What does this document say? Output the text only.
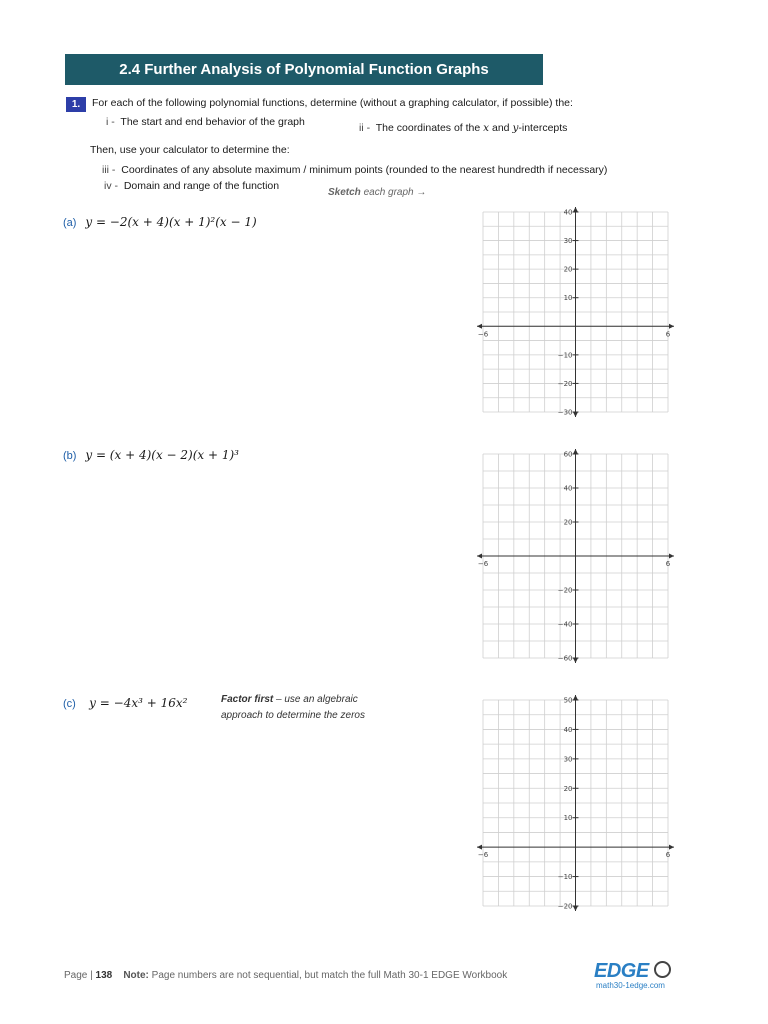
2.4 Further Analysis of Polynomial Function Graphs
1.	For each of the following polynomial functions, determine (without a graphing calculator, if possible) the:
i - The start and end behavior of the graph	ii - The coordinates of the x and y-intercepts
Then, use your calculator to determine the:
iii - Coordinates of any absolute maximum / minimum points (rounded to the nearest hundredth if necessary)
iv - Domain and range of the function
Sketch each graph →
(a) y = −2(x + 4)(x + 1)²(x − 1)
(b) y = (x + 4)(x − 2)(x + 1)³
(c) y = −4x³ + 16x²	Factor first – use an algebraic
approach to determine the zeros
40
30
20
10
−10
−20
−30
−6	6
60
40
20
−20
−40
−60
−6	6
50
40
30
20
10
−10
−20
−6	6
Page | 138 Note: Page numbers are not sequential, but match the full Math 30-1 EDGE Workbook	EDGE
math30-1edge.com
